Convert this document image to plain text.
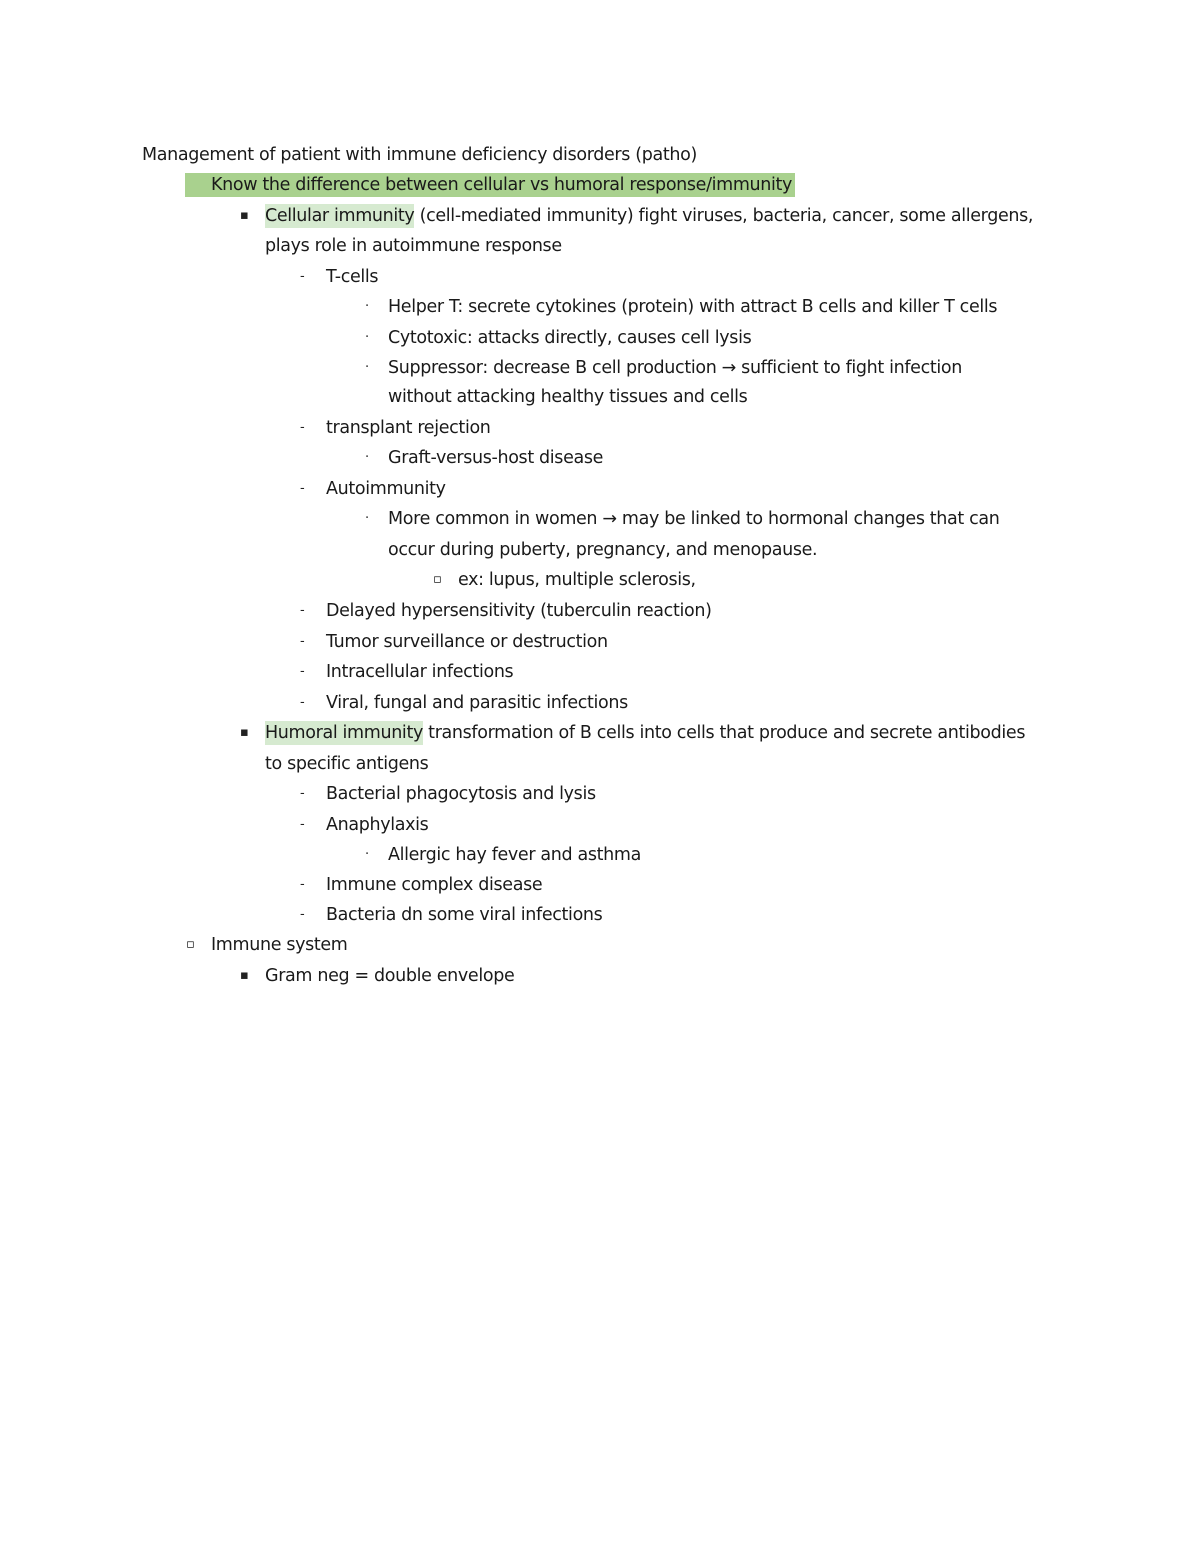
Management of patient with immune deficiency disorders (patho)
Know the difference between cellular vs humoral response/immunity
▪ Cellular immunity (cell-mediated immunity) fight viruses, bacteria, cancer, some allergens,
plays role in autoimmune response
- T-cells
· Helper T: secrete cytokines (protein) with attract B cells and killer T cells
· Cytotoxic: attacks directly, causes cell lysis
· Suppressor: decrease B cell production → sufficient to fight infection
without attacking healthy tissues and cells
- transplant rejection
· Graft-versus-host disease
- Autoimmunity
· More common in women → may be linked to hormonal changes that can
occur during puberty, pregnancy, and menopause.
▫ ex: lupus, multiple sclerosis,
- Delayed hypersensitivity (tuberculin reaction)
- Tumor surveillance or destruction
- Intracellular infections
- Viral, fungal and parasitic infections
▪ Humoral immunity transformation of B cells into cells that produce and secrete antibodies
to specific antigens
- Bacterial phagocytosis and lysis
- Anaphylaxis
· Allergic hay fever and asthma
- Immune complex disease
- Bacteria dn some viral infections
▫ Immune system
▪ Gram neg = double envelope
